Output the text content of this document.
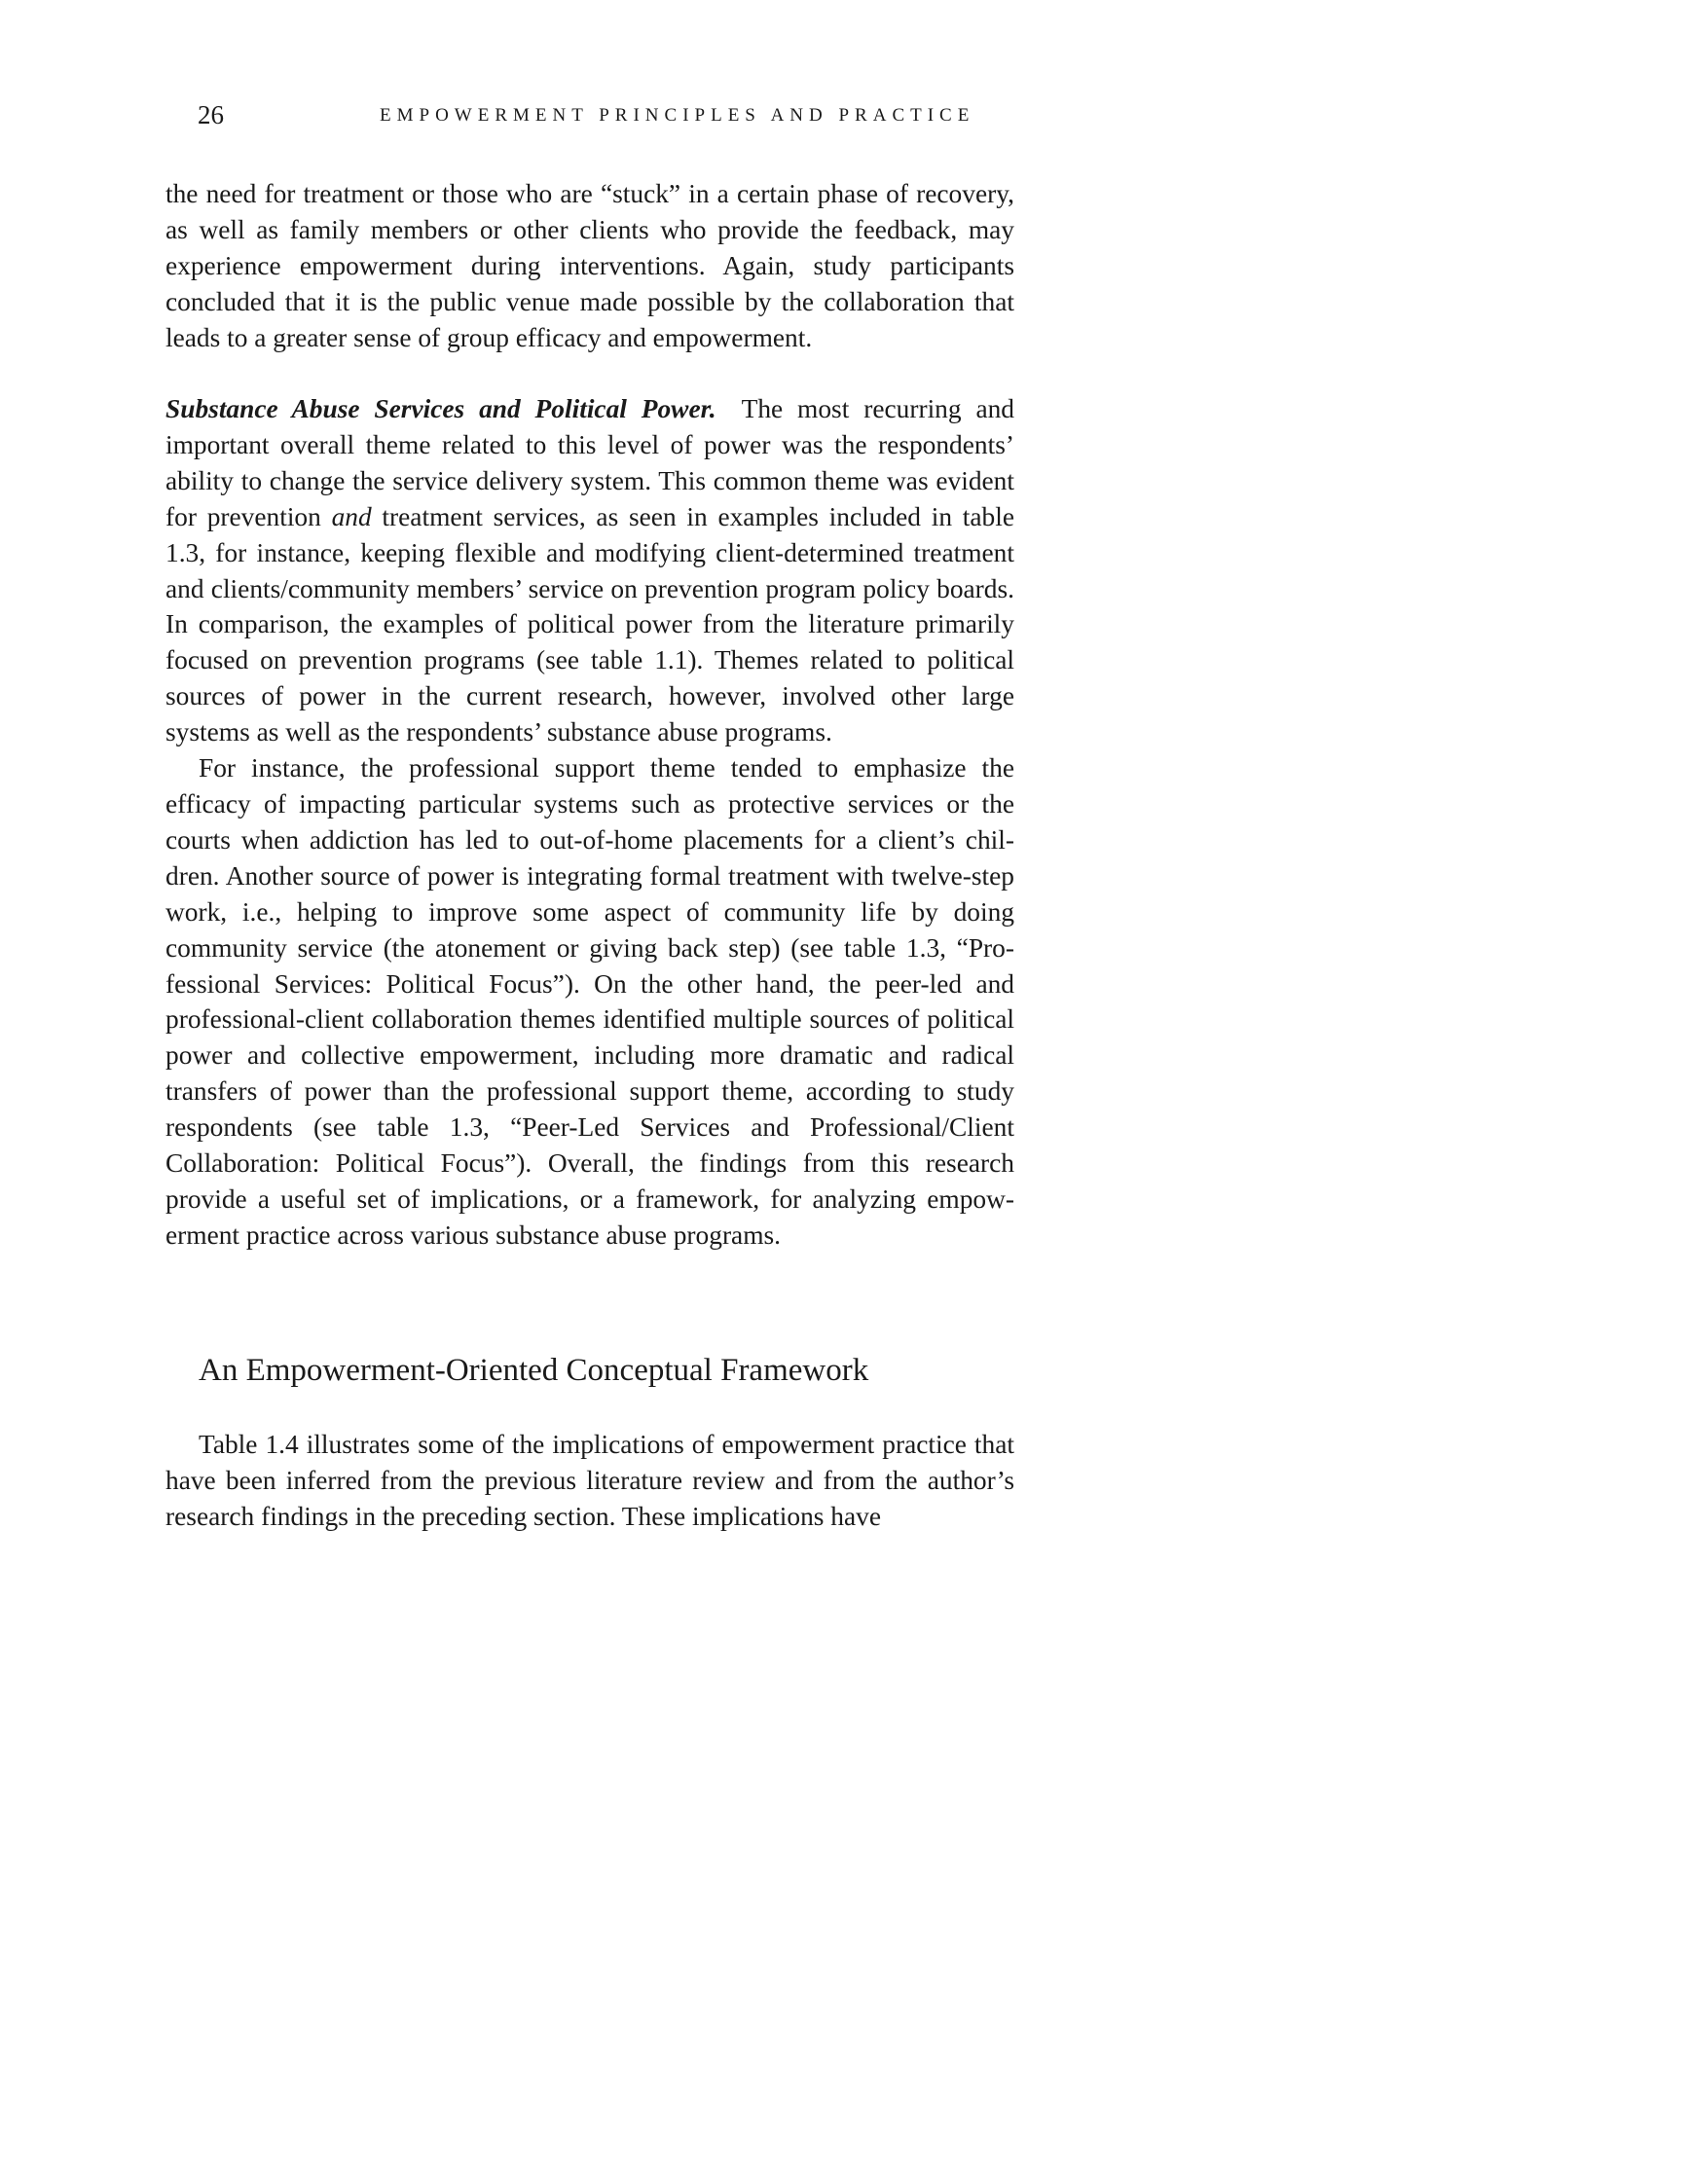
26	EMPOWERMENT PRINCIPLES AND PRACTICE

the need for treatment or those who are “stuck” in a certain phase of recovery, as well as family members or other clients who provide the feedback, may experience empowerment during interventions. Again, study participants concluded that it is the public venue made possible by the collaboration that leads to a greater sense of group efficacy and empowerment.

Substance Abuse Services and Political Power. The most recurring and important overall theme related to this level of power was the respondents’ ability to change the service delivery system. This common theme was evident for prevention and treatment services, as seen in examples included in table 1.3, for instance, keeping flexible and modifying client-determined treatment and clients/community members’ service on prevention program policy boards. In comparison, the examples of political power from the literature primarily focused on prevention programs (see table 1.1). Themes related to political sources of power in the current research, however, involved other large systems as well as the respondents’ substance abuse programs.

For instance, the professional support theme tended to emphasize the efficacy of impacting particular systems such as protective services or the courts when addiction has led to out-of-home placements for a client’s children. Another source of power is integrating formal treatment with twelve-step work, i.e., helping to improve some aspect of community life by doing community service (the atonement or giving back step) (see table 1.3, “Professional Services: Political Focus”). On the other hand, the peer-led and professional-client collaboration themes identified multiple sources of political power and collective empowerment, including more dramatic and radical transfers of power than the professional support theme, according to study respondents (see table 1.3, “Peer-Led Services and Professional/Client Collaboration: Political Focus”). Overall, the findings from this research provide a useful set of implications, or a framework, for analyzing empowerment practice across various substance abuse programs.

An Empowerment-Oriented Conceptual Framework

Table 1.4 illustrates some of the implications of empowerment practice that have been inferred from the previous literature review and from the author’s research findings in the preceding section. These implications have
